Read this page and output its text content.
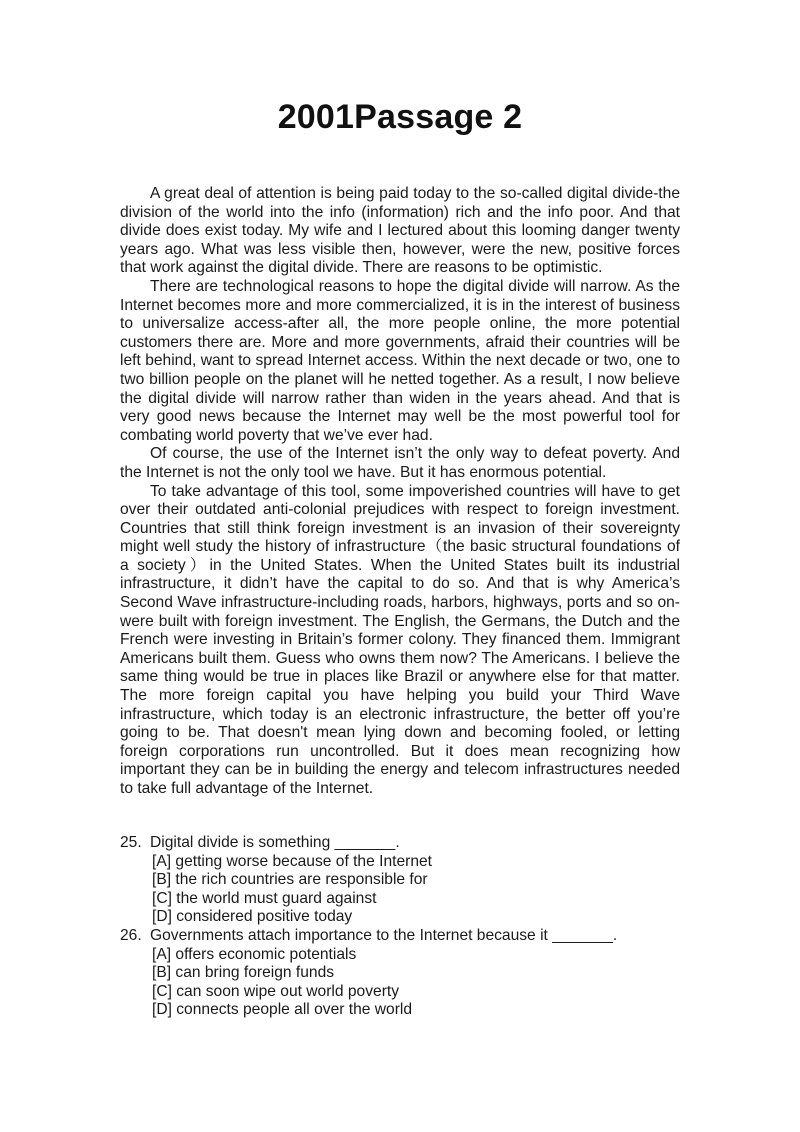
2001Passage 2

A great deal of attention is being paid today to the so-called digital divide-the division of the world into the info (information) rich and the info poor. And that divide does exist today. My wife and I lectured about this looming danger twenty years ago. What was less visible then, however, were the new, positive forces that work against the digital divide. There are reasons to be optimistic.

There are technological reasons to hope the digital divide will narrow. As the Internet becomes more and more commercialized, it is in the interest of business to universalize access-after all, the more people online, the more potential customers there are. More and more governments, afraid their countries will be left behind, want to spread Internet access. Within the next decade or two, one to two billion people on the planet will he netted together. As a result, I now believe the digital divide will narrow rather than widen in the years ahead. And that is very good news because the Internet may well be the most powerful tool for combating world poverty that we’ve ever had.

Of course, the use of the Internet isn’t the only way to defeat poverty. And the Internet is not the only tool we have. But it has enormous potential.

To take advantage of this tool, some impoverished countries will have to get over their outdated anti-colonial prejudices with respect to foreign investment. Countries that still think foreign investment is an invasion of their sovereignty might well study the history of infrastructure（the basic structural foundations of a society）in the United States. When the United States built its industrial infrastructure, it didn’t have the capital to do so. And that is why America’s Second Wave infrastructure-including roads, harbors, highways, ports and so on-were built with foreign investment. The English, the Germans, the Dutch and the French were investing in Britain’s former colony. They financed them. Immigrant Americans built them. Guess who owns them now? The Americans. I believe the same thing would be true in places like Brazil or anywhere else for that matter. The more foreign capital you have helping you build your Third Wave infrastructure, which today is an electronic infrastructure, the better off you’re going to be. That doesn't mean lying down and becoming fooled, or letting foreign corporations run uncontrolled. But it does mean recognizing how important they can be in building the energy and telecom infrastructures needed to take full advantage of the Internet.

25. Digital divide is something _______.
[A] getting worse because of the Internet
[B] the rich countries are responsible for
[C] the world must guard against
[D] considered positive today
26. Governments attach importance to the Internet because it _______.
[A] offers economic potentials
[B] can bring foreign funds
[C] can soon wipe out world poverty
[D] connects people all over the world
